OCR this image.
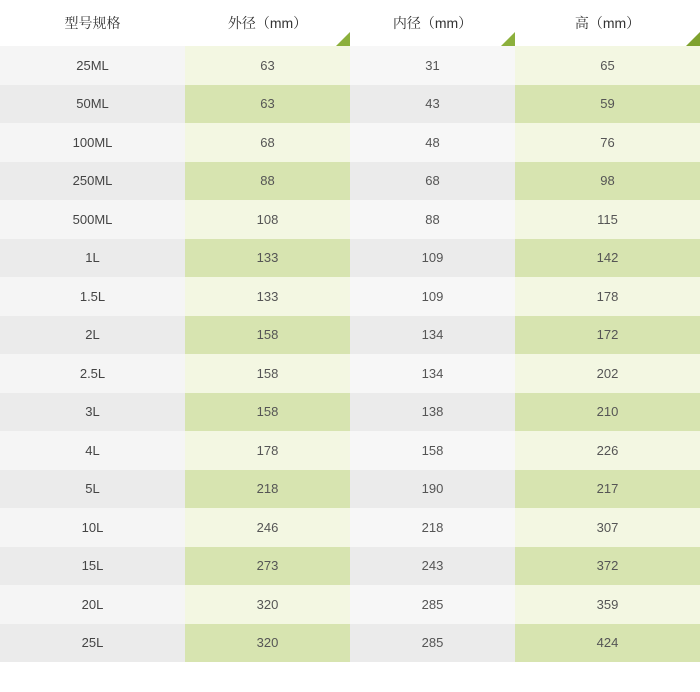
型号规格	外径（mm）	内径（mm）	高（mm）

25ML	63	31	65
50ML	63	43	59
100ML	68	48	76
250ML	88	68	98
500ML	108	88	115
1L	133	109	142
1.5L	133	109	178
2L	158	134	172
2.5L	158	134	202
3L	158	138	210
4L	178	158	226
5L	218	190	217
10L	246	218	307
15L	273	243	372
20L	320	285	359
25L	320	285	424
